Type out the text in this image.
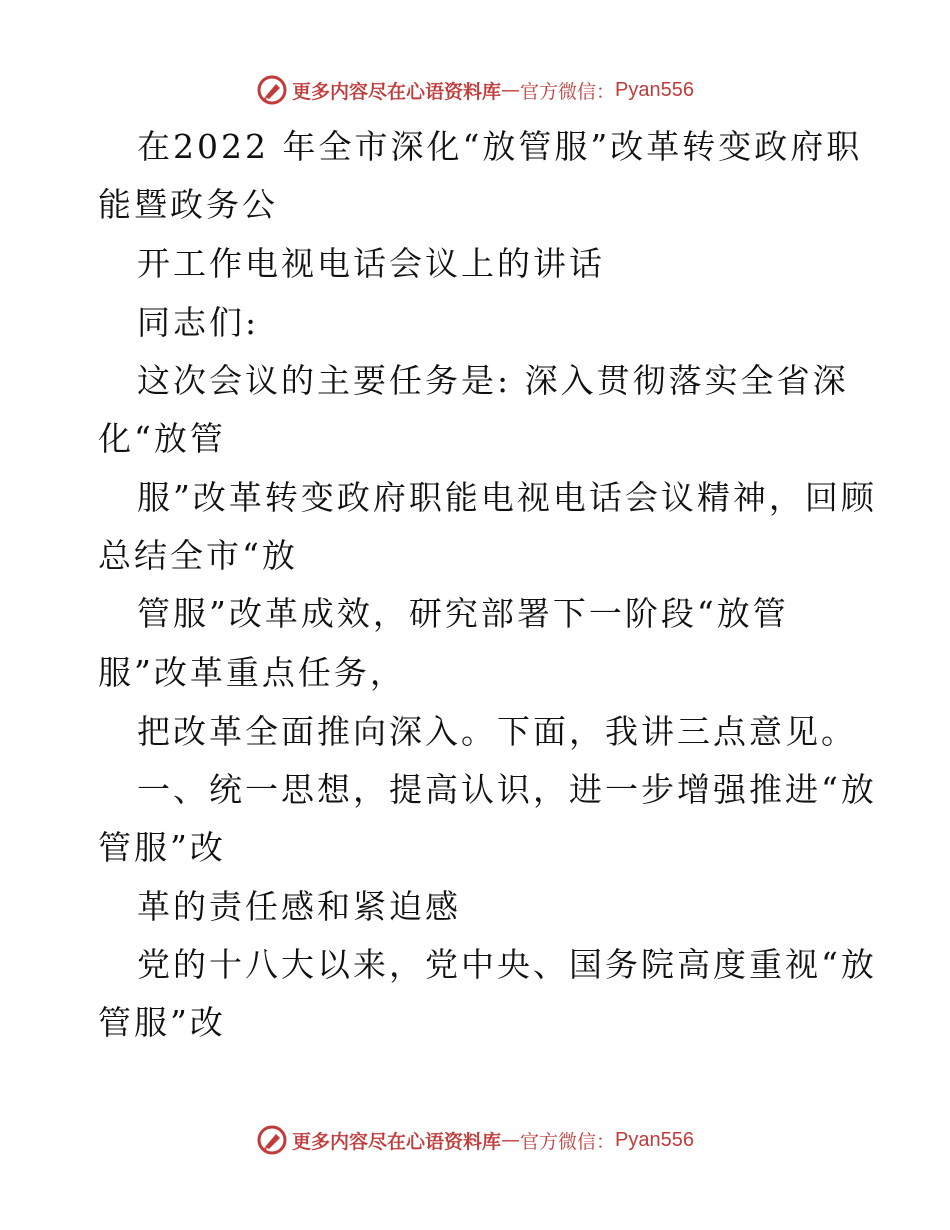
更多内容尽在心语资料库 — 官方微信： Pyan556
在2022 年全市深化“放管服”改革转变政府职
能暨政务公
开工作电视电话会议上的讲话
同志们:
这次会议的主要任务是: 深入贯彻落实全省深
化“放管
服”改革转变政府职能电视电话会议精神，回顾
总结全市“放
管服”改革成效，研究部署下一阶段“放管
服”改革重点任务，
把改革全面推向深入。下面，我讲三点意见。
一、统一思想，提高认识，进一步增强推进“放
管服”改
革的责任感和紧迫感
党的十八大以来，党中央、国务院高度重视“放
管服”改
更多内容尽在心语资料库 — 官方微信： Pyan556
